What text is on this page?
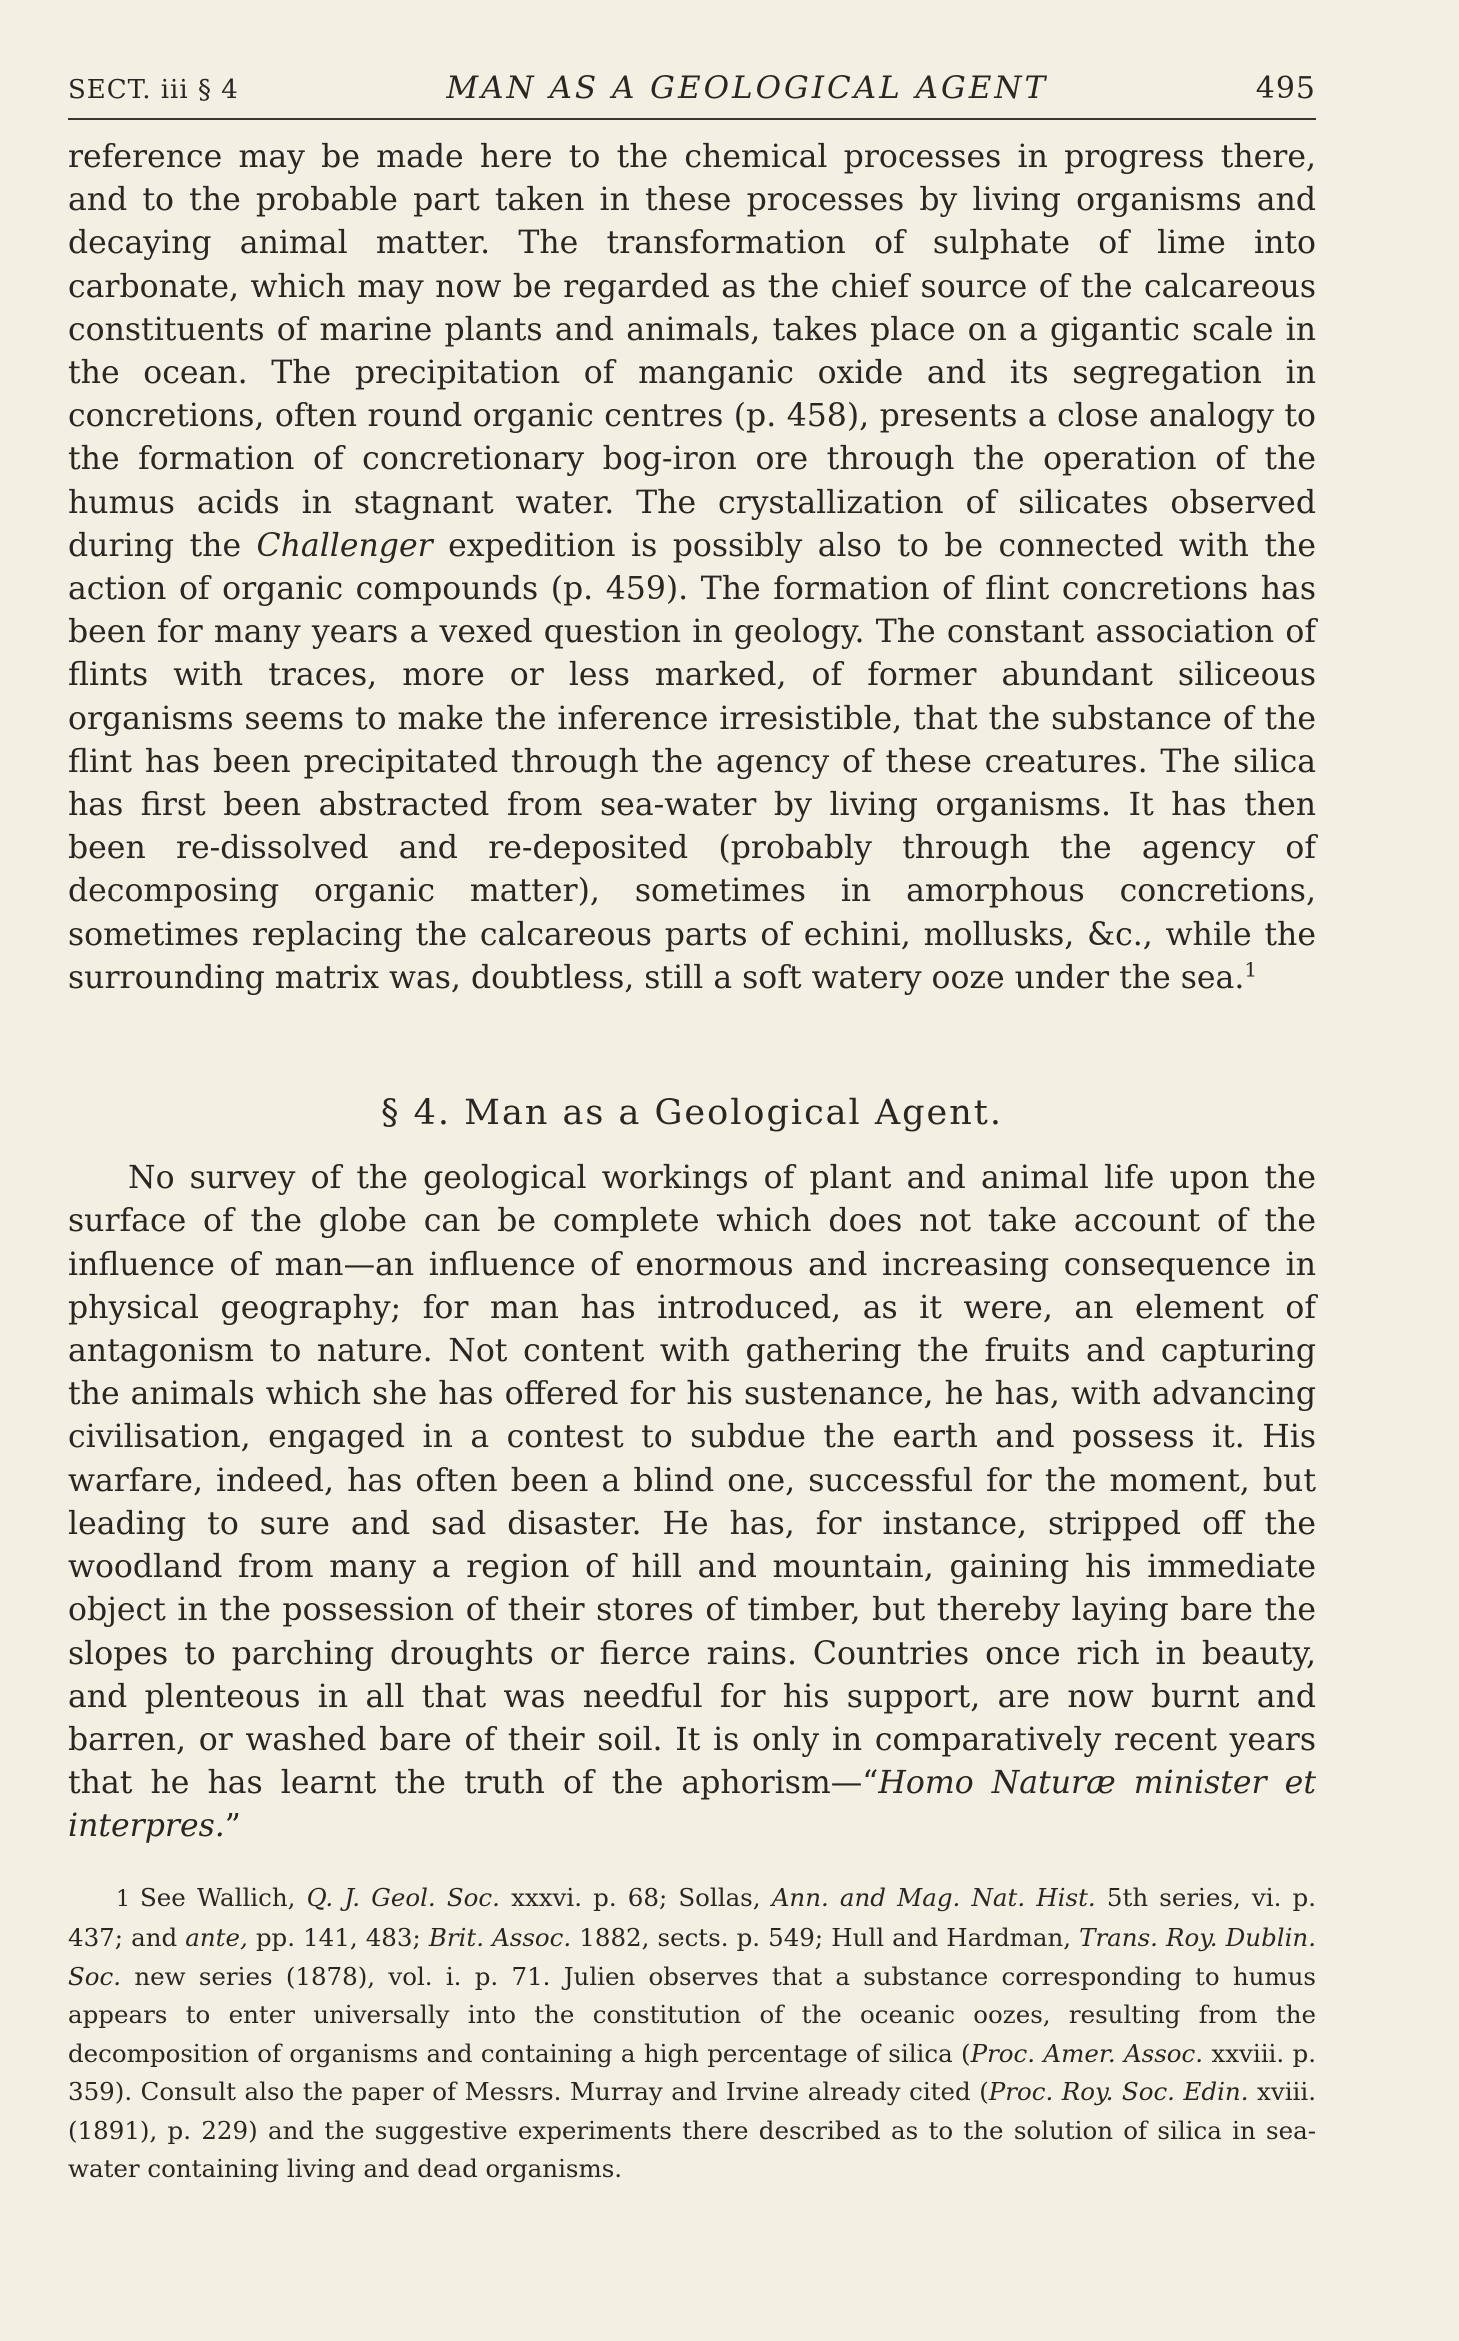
SECT. iii § 4	MAN AS A GEOLOGICAL AGENT	495

reference may be made here to the chemical processes in progress there, and to the probable part taken in these processes by living organisms and decaying animal matter. The transformation of sulphate of lime into carbonate, which may now be regarded as the chief source of the calcareous constituents of marine plants and animals, takes place on a gigantic scale in the ocean. The precipitation of manganic oxide and its segregation in concretions, often round organic centres (p. 458), presents a close analogy to the formation of concretionary bog-iron ore through the operation of the humus acids in stagnant water. The crystallization of silicates observed during the Challenger expedition is possibly also to be connected with the action of organic compounds (p. 459). The formation of flint concretions has been for many years a vexed question in geology. The constant association of flints with traces, more or less marked, of former abundant siliceous organisms seems to make the inference irresistible, that the substance of the flint has been precipitated through the agency of these creatures. The silica has first been abstracted from sea-water by living organisms. It has then been re-dissolved and re-deposited (probably through the agency of decomposing organic matter), sometimes in amorphous concretions, sometimes replacing the calcareous parts of echini, mollusks, &c., while the surrounding matrix was, doubtless, still a soft watery ooze under the sea.$^1$

§ 4. Man as a Geological Agent.

No survey of the geological workings of plant and animal life upon the surface of the globe can be complete which does not take account of the influence of man—an influence of enormous and increasing consequence in physical geography; for man has introduced, as it were, an element of antagonism to nature. Not content with gathering the fruits and capturing the animals which she has offered for his sustenance, he has, with advancing civilisation, engaged in a contest to subdue the earth and possess it. His warfare, indeed, has often been a blind one, successful for the moment, but leading to sure and sad disaster. He has, for instance, stripped off the woodland from many a region of hill and mountain, gaining his immediate object in the possession of their stores of timber, but thereby laying bare the slopes to parching droughts or fierce rains. Countries once rich in beauty, and plenteous in all that was needful for his support, are now burnt and barren, or washed bare of their soil. It is only in comparatively recent years that he has learnt the truth of the aphorism—“Homo Naturæ minister et interpres.”

1 See Wallich, Q. J. Geol. Soc. xxxvi. p. 68; Sollas, Ann. and Mag. Nat. Hist. 5th series, vi. p. 437; and ante, pp. 141, 483; Brit. Assoc. 1882, sects. p. 549; Hull and Hardman, Trans. Roy. Dublin. Soc. new series (1878), vol. i. p. 71. Julien observes that a substance corresponding to humus appears to enter universally into the constitution of the oceanic oozes, resulting from the decomposition of organisms and containing a high percentage of silica (Proc. Amer. Assoc. xxviii. p. 359). Consult also the paper of Messrs. Murray and Irvine already cited (Proc. Roy. Soc. Edin. xviii. (1891), p. 229) and the suggestive experiments there described as to the solution of silica in sea-water containing living and dead organisms.
